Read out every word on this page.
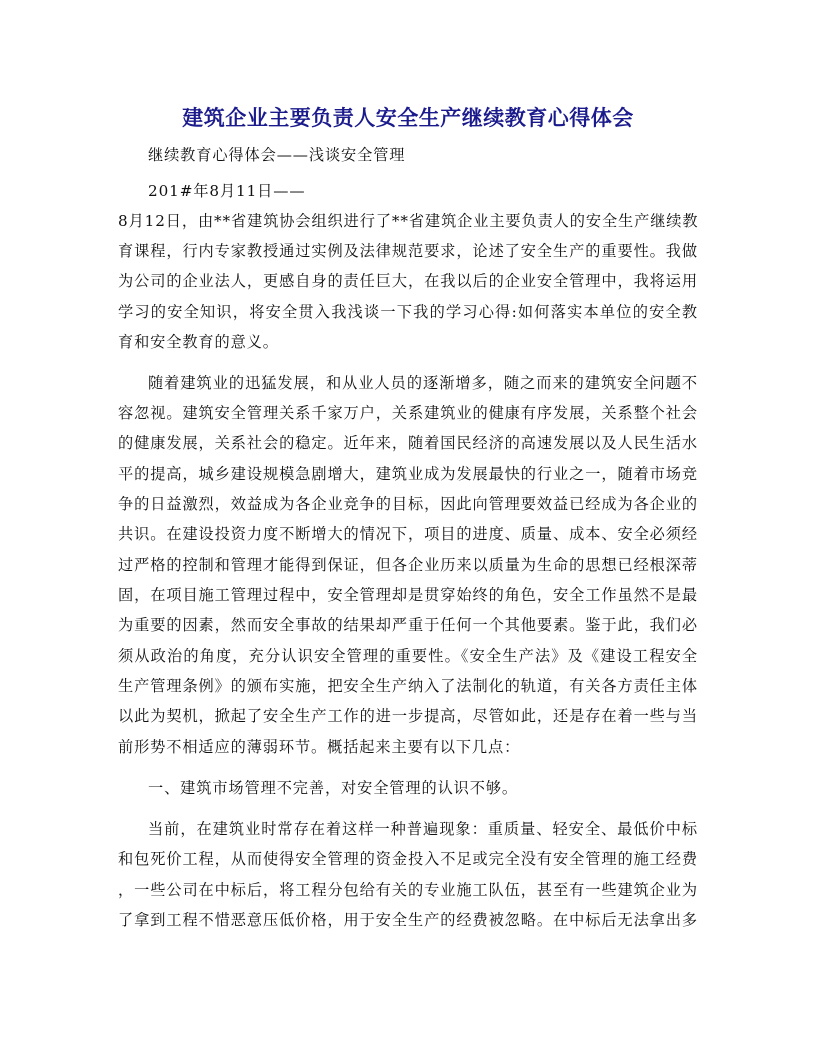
建筑企业主要负责人安全生产继续教育心得体会
继续教育心得体会——浅谈安全管理
201#年8月11日——
8月12日，由**省建筑协会组织进行了**省建筑企业主要负责人的安全生产继续教
育课程，行内专家教授通过实例及法律规范要求，论述了安全生产的重要性。我做
为公司的企业法人，更感自身的责任巨大，在我以后的企业安全管理中，我将运用
学习的安全知识，将安全贯入我浅谈一下我的学习心得:如何落实本单位的安全教
育和安全教育的意义。
随着建筑业的迅猛发展，和从业人员的逐渐增多，随之而来的建筑安全问题不
容忽视。建筑安全管理关系千家万户，关系建筑业的健康有序发展，关系整个社会
的健康发展，关系社会的稳定。近年来，随着国民经济的高速发展以及人民生活水
平的提高，城乡建设规模急剧增大，建筑业成为发展最快的行业之一，随着市场竞
争的日益激烈，效益成为各企业竞争的目标，因此向管理要效益已经成为各企业的
共识。在建设投资力度不断增大的情况下，项目的进度、质量、成本、安全必须经
过严格的控制和管理才能得到保证，但各企业历来以质量为生命的思想已经根深蒂
固，在项目施工管理过程中，安全管理却是贯穿始终的角色，安全工作虽然不是最
为重要的因素，然而安全事故的结果却严重于任何一个其他要素。鉴于此，我们必
须从政治的角度，充分认识安全管理的重要性。《安全生产法》及《建设工程安全
生产管理条例》的颁布实施，把安全生产纳入了法制化的轨道，有关各方责任主体
以此为契机，掀起了安全生产工作的进一步提高，尽管如此，还是存在着一些与当
前形势不相适应的薄弱环节。概括起来主要有以下几点：
一、建筑市场管理不完善，对安全管理的认识不够。
当前，在建筑业时常存在着这样一种普遍现象：重质量、轻安全、最低价中标
和包死价工程，从而使得安全管理的资金投入不足或完全没有安全管理的施工经费
，一些公司在中标后，将工程分包给有关的专业施工队伍，甚至有一些建筑企业为
了拿到工程不惜恶意压低价格，用于安全生产的经费被忽略。在中标后无法拿出多
